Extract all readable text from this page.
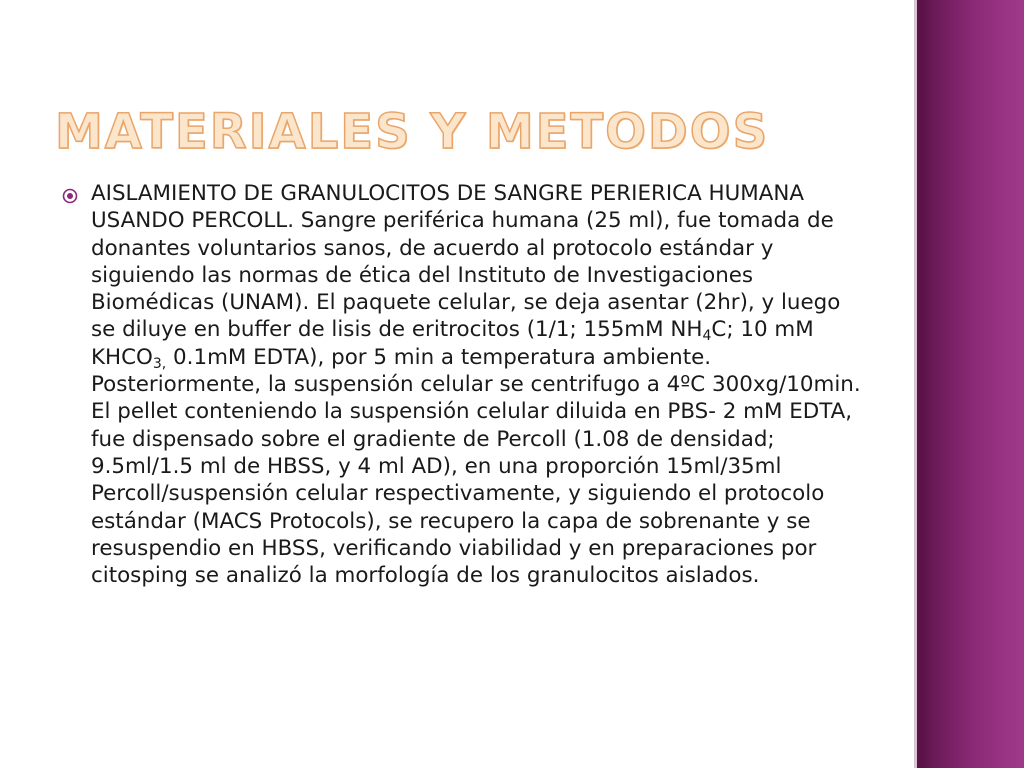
MATERIALES Y METODOS

AISLAMIENTO DE GRANULOCITOS DE SANGRE PERIERICA HUMANA USANDO PERCOLL. Sangre periférica humana (25 ml), fue tomada de donantes voluntarios sanos, de acuerdo al protocolo estándar y siguiendo las normas de ética del Instituto de Investigaciones Biomédicas (UNAM). El paquete celular, se deja asentar (2hr), y luego se diluye en buffer de lisis de eritrocitos (1/1; 155mM $NH_4C$; 10 mM $KHCO_{3,}$ 0.1mM EDTA), por 5 min a temperatura ambiente. Posteriormente, la suspensión celular se centrifugo a 4ºC 300xg/10min. El pellet conteniendo la suspensión celular diluida en PBS- 2 mM EDTA, fue dispensado sobre el gradiente de Percoll (1.08 de densidad; 9.5ml/1.5 ml de HBSS, y 4 ml AD), en una proporción 15ml/35ml Percoll/suspensión celular respectivamente, y siguiendo el protocolo estándar (MACS Protocols), se recupero la capa de sobrenante y se resuspendio en HBSS, verificando viabilidad y en preparaciones por citosping se analizó la morfología de los granulocitos aislados.
